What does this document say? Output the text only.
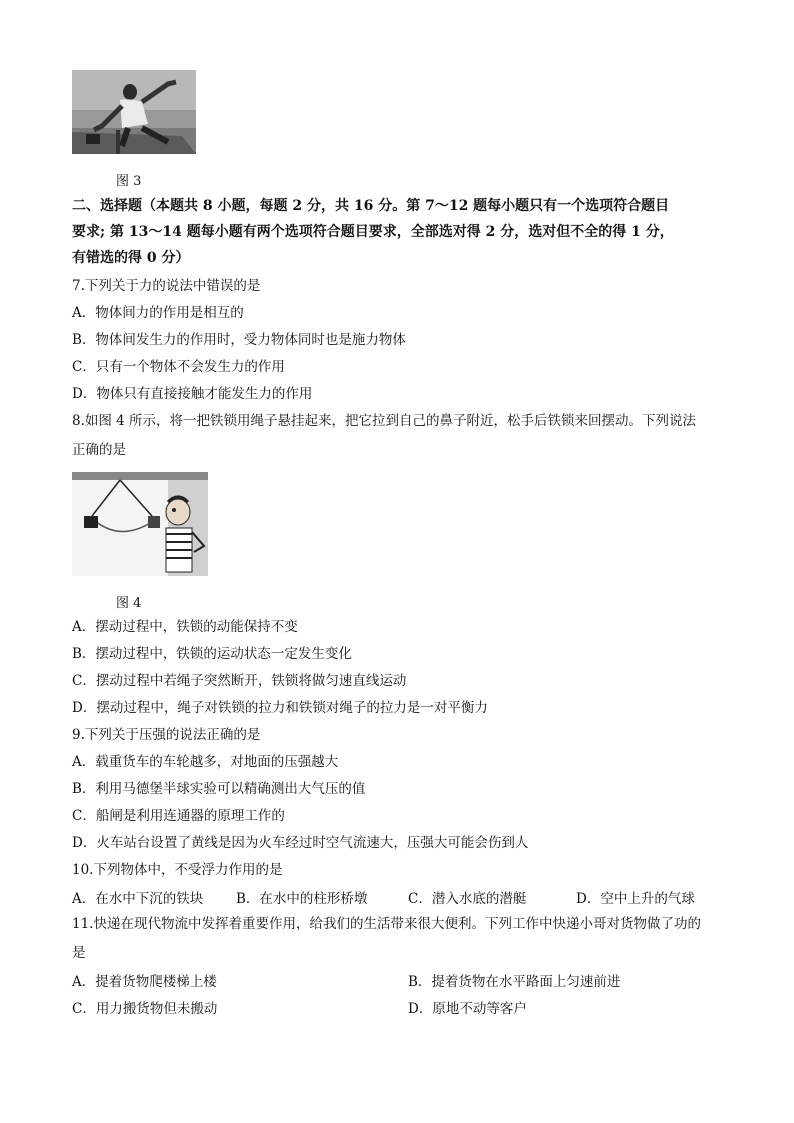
图 3
二、选择题（本题共 8 小题，每题 2 分，共 16 分。第 7～12 题每小题只有一个选项符合题目
要求; 第 13～14 题每小题有两个选项符合题目要求，全部选对得 2 分，选对但不全的得 1 分，
有错选的得 0 分）
7.下列关于力的说法中错误的是
A．物体间力的作用是相互的
B．物体间发生力的作用时，受力物体同时也是施力物体
C．只有一个物体不会发生力的作用
D．物体只有直接接触才能发生力的作用
8.如图 4 所示，将一把铁锁用绳子悬挂起来，把它拉到自己的鼻子附近，松手后铁锁来回摆动。下列说法
正确的是
图 4
A．摆动过程中，铁锁的动能保持不变
B．摆动过程中，铁锁的运动状态一定发生变化
C．摆动过程中若绳子突然断开，铁锁将做匀速直线运动
D．摆动过程中，绳子对铁锁的拉力和铁锁对绳子的拉力是一对平衡力
9.下列关于压强的说法正确的是
A．载重货车的车轮越多，对地面的压强越大
B．利用马德堡半球实验可以精确测出大气压的值
C．船闸是利用连通器的原理工作的
D．火车站台设置了黄线是因为火车经过时空气流速大，压强大可能会伤到人
10.下列物体中，不受浮力作用的是
A．在水中下沉的铁块 B．在水中的柱形桥墩	C．潜入水底的潜艇	D．空中上升的气球
11.快递在现代物流中发挥着重要作用，给我们的生活带来很大便利。下列工作中快递小哥对货物做了功的
是
A．提着货物爬楼梯上楼	B．提着货物在水平路面上匀速前进
C．用力搬货物但未搬动	D．原地不动等客户
